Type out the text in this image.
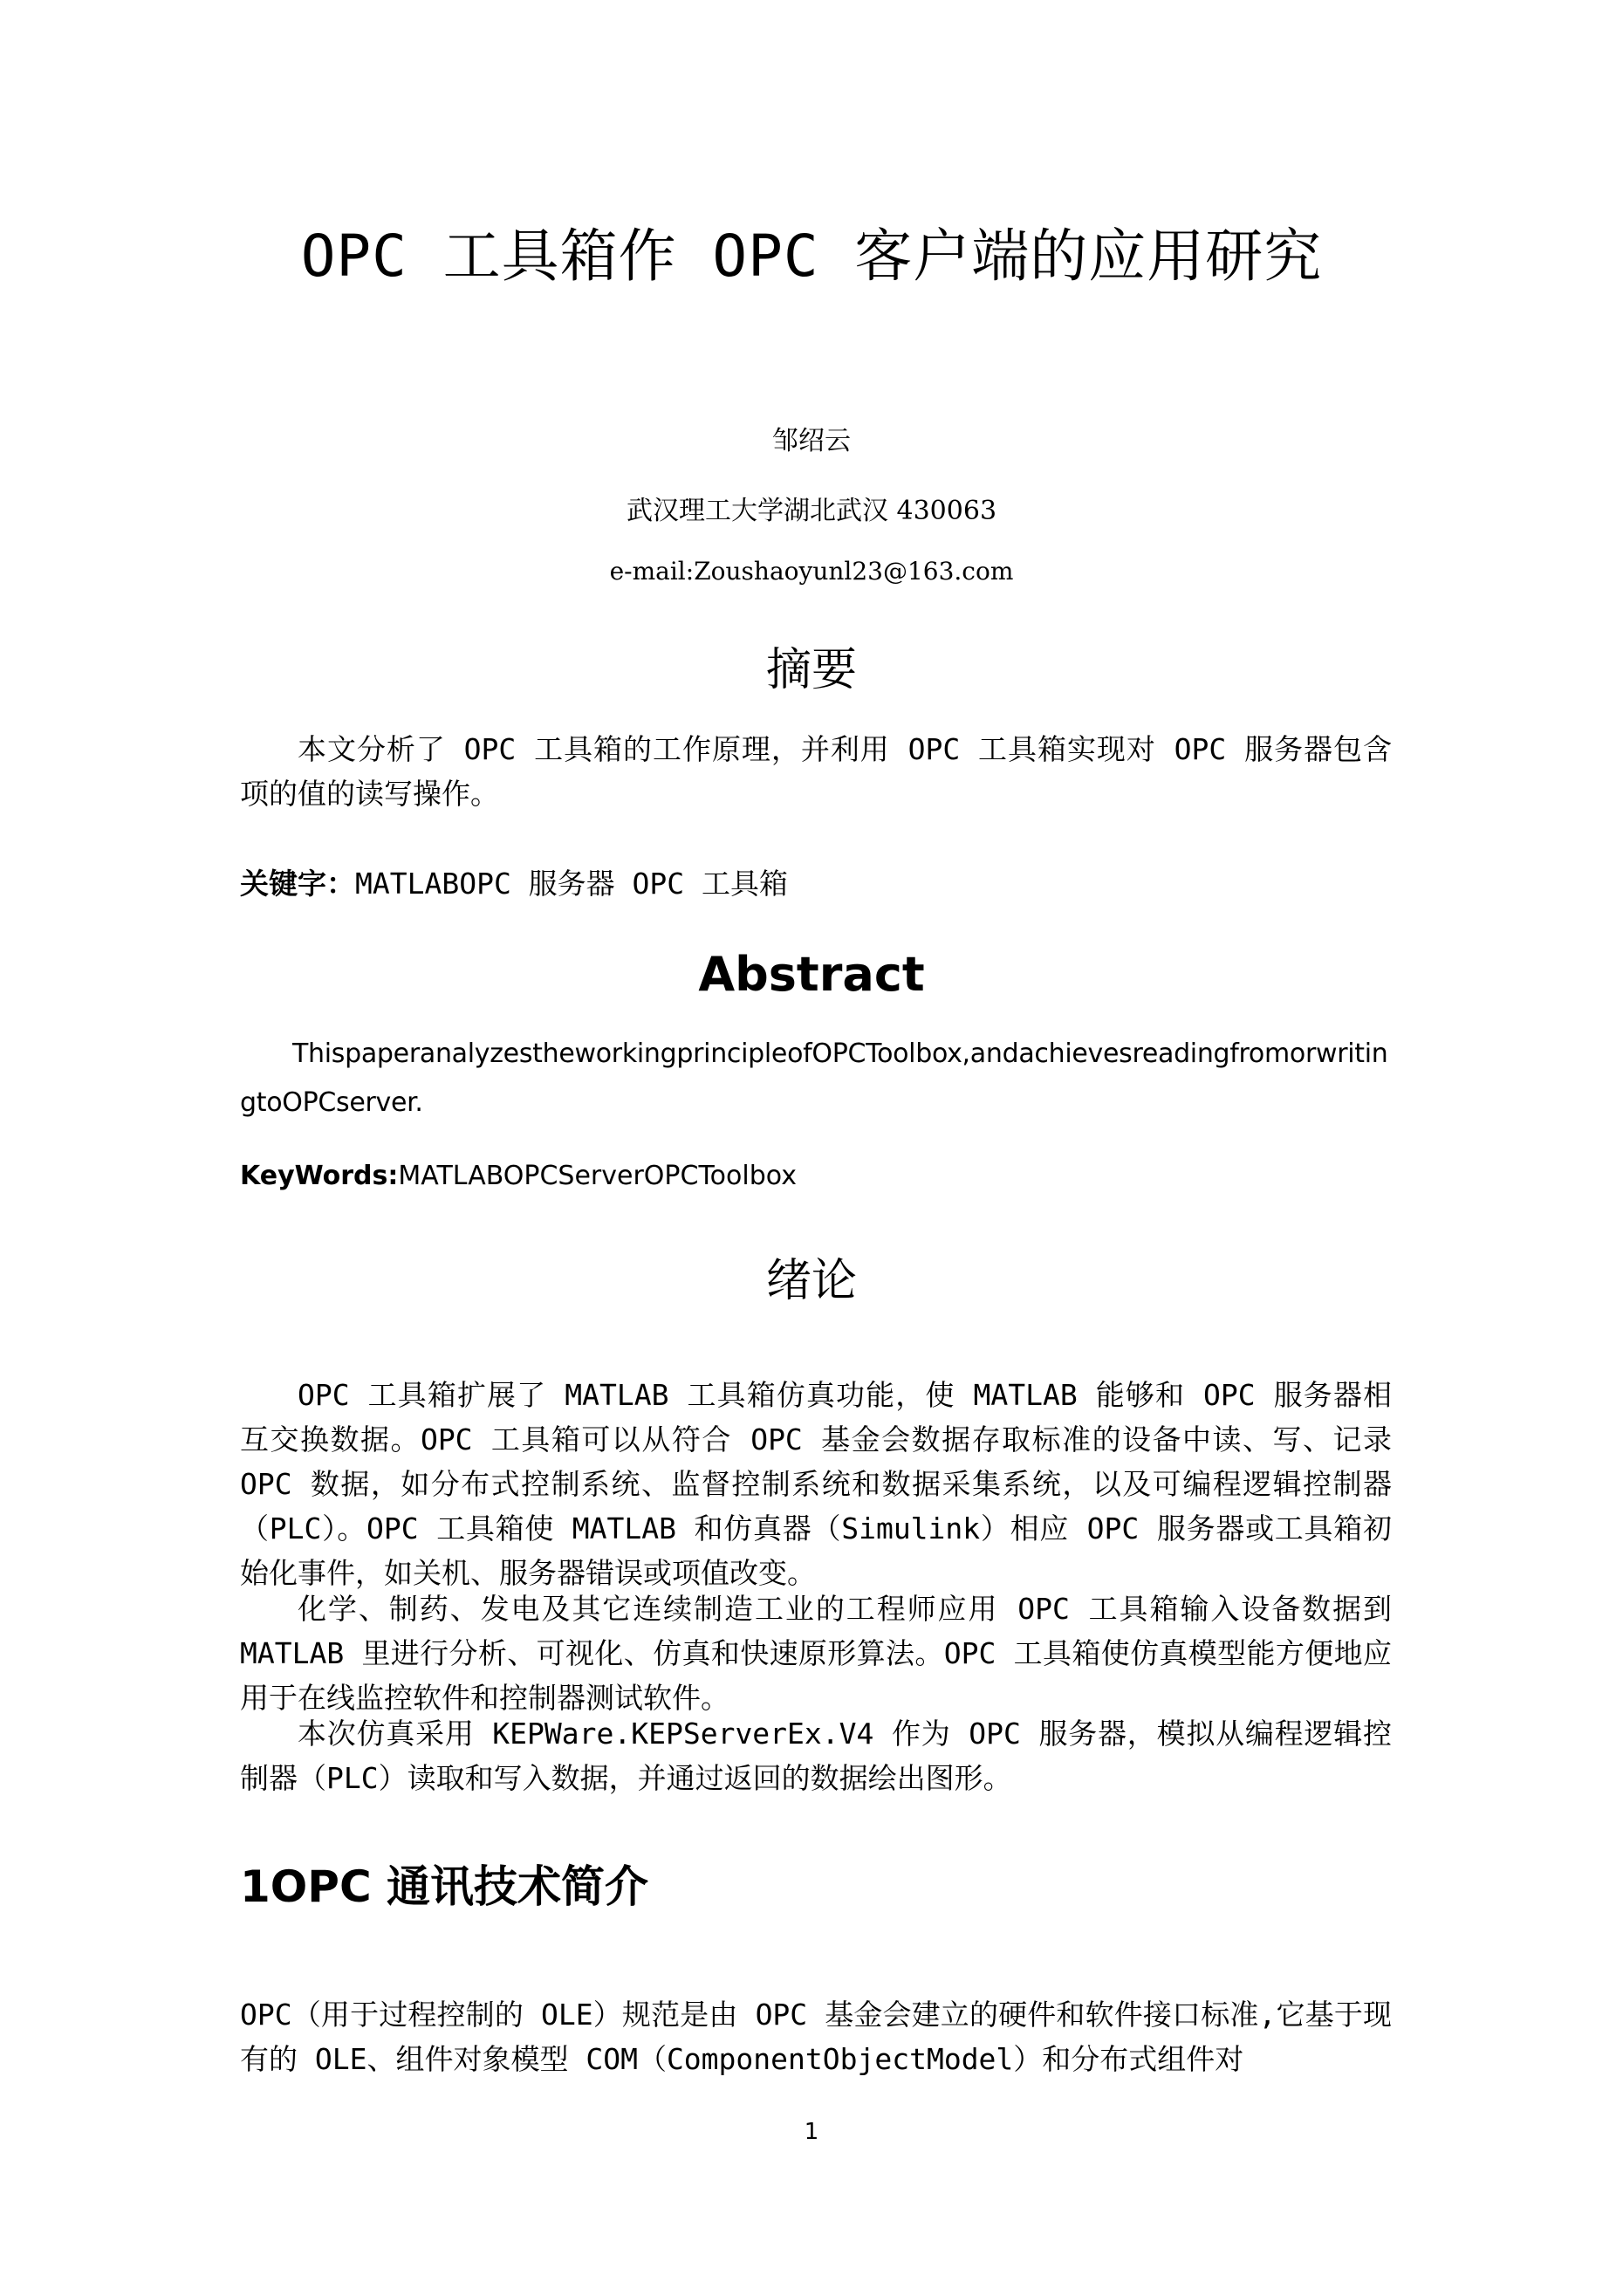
OPC 工具箱作 OPC 客户端的应用研究

邹绍云

武汉理工大学湖北武汉 430063

e-mail:Zoushaoyunl23@163.com

摘要

本文分析了 OPC 工具箱的工作原理，并利用 OPC 工具箱实现对 OPC 服务器包含项的值的读写操作。

关键字：MATLABOPC 服务器 OPC 工具箱

Abstract

ThispaperanalyzestheworkingprincipleofOPCToolbox,andachievesreadingfromorwritingtoOPCserver.

KeyWords:MATLABOPCServerOPCToolbox

绪论

OPC 工具箱扩展了 MATLAB 工具箱仿真功能，使 MATLAB 能够和 OPC 服务器相互交换数据。OPC 工具箱可以从符合 OPC 基金会数据存取标准的设备中读、写、记录 OPC 数据，如分布式控制系统、监督控制系统和数据采集系统，以及可编程逻辑控制器（PLC）。OPC 工具箱使 MATLAB 和仿真器（Simulink）相应 OPC 服务器或工具箱初始化事件，如关机、服务器错误或项值改变。

化学、制药、发电及其它连续制造工业的工程师应用 OPC 工具箱输入设备数据到 MATLAB 里进行分析、可视化、仿真和快速原形算法。OPC 工具箱使仿真模型能方便地应用于在线监控软件和控制器测试软件。

本次仿真采用 KEPWare.KEPServerEx.V4 作为 OPC 服务器，模拟从编程逻辑控制器（PLC）读取和写入数据，并通过返回的数据绘出图形。

1OPC 通讯技术简介

OPC（用于过程控制的 OLE）规范是由 OPC 基金会建立的硬件和软件接口标准,它基于现有的 OLE、组件对象模型 COM（ComponentObjectModel）和分布式组件对

1
